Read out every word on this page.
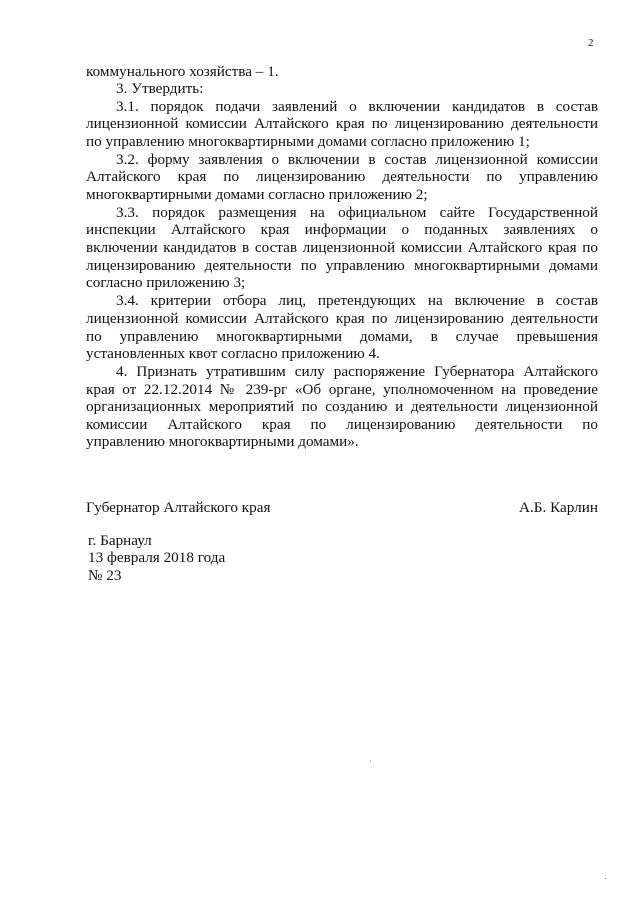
2
коммунального хозяйства – 1.
3. Утвердить:
3.1. порядок подачи заявлений о включении кандидатов в состав
лицензионной комиссии Алтайского края по лицензированию деятельности
по управлению многоквартирными домами согласно приложению 1;
3.2. форму заявления о включении в состав лицензионной комиссии
Алтайского края по лицензированию деятельности по управлению
многоквартирными домами согласно приложению 2;
3.3. порядок размещения на официальном сайте Государственной
инспекции Алтайского края информации о поданных заявлениях о
включении кандидатов в состав лицензионной комиссии Алтайского края по
лицензированию деятельности по управлению многоквартирными домами
согласно приложению 3;
3.4. критерии отбора лиц, претендующих на включение в состав
лицензионной комиссии Алтайского края по лицензированию деятельности
по управлению многоквартирными домами, в случае превышения
установленных квот согласно приложению 4.
4. Признать утратившим силу распоряжение Губернатора Алтайского
края от 22.12.2014 № 239-рг «Об органе, уполномоченном на проведение
организационных мероприятий по созданию и деятельности лицензионной
комиссии Алтайского края по лицензированию деятельности по
управлению многоквартирными домами».
Губернатор Алтайского края	А.Б. Карлин
г. Барнаул
13 февраля 2018 года
№ 23
